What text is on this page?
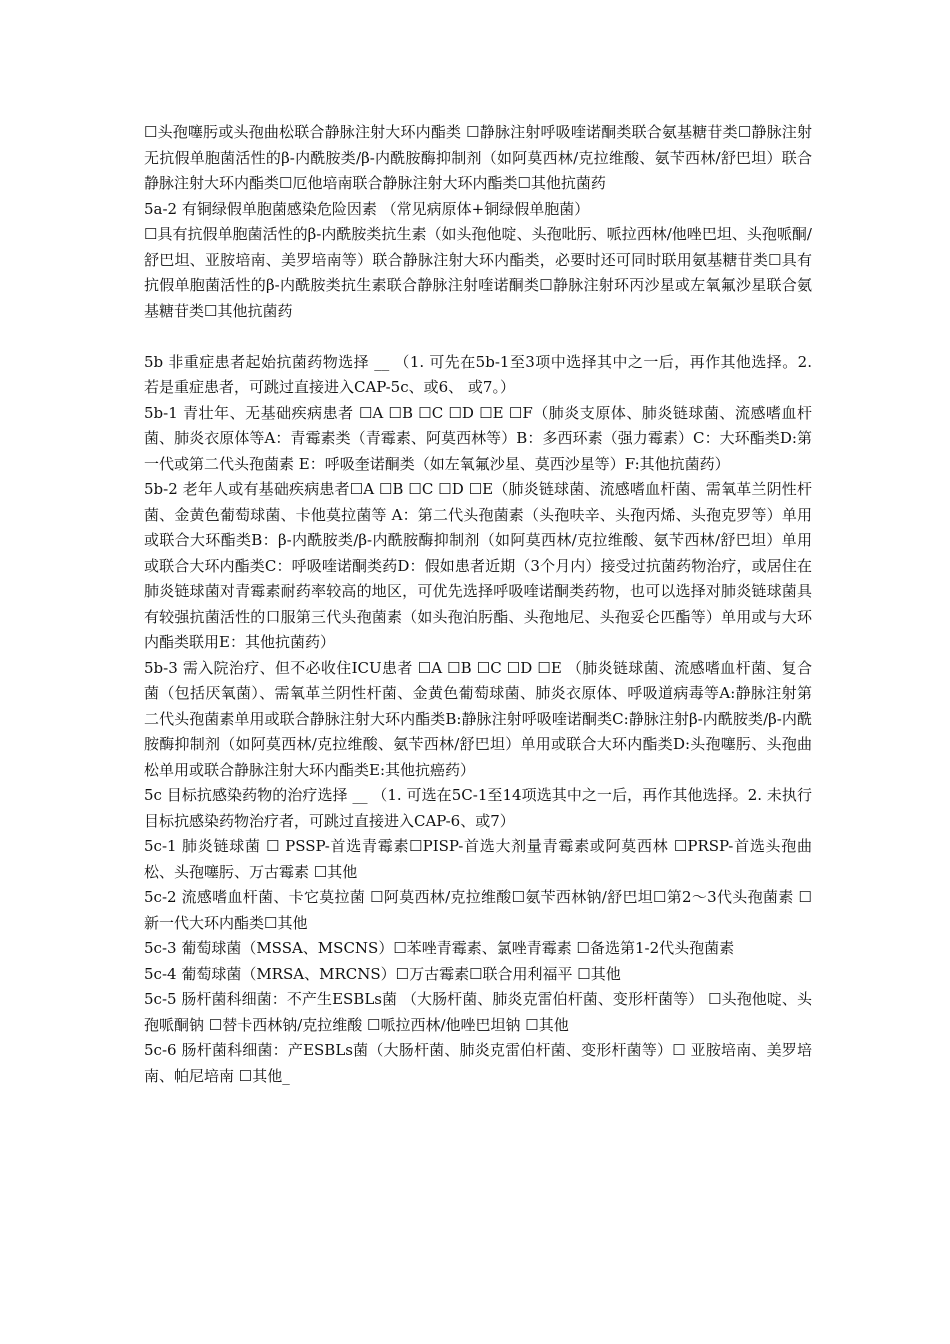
☐头孢噻肟或头孢曲松联合静脉注射大环内酯类 ☐静脉注射呼吸喹诺酮类联合氨基糖苷类☐静脉注射无抗假单胞菌活性的β-内酰胺类/β-内酰胺酶抑制剂（如阿莫西林/克拉维酸、氨苄西林/舒巴坦）联合静脉注射大环内酯类☐厄他培南联合静脉注射大环内酯类☐其他抗菌药

5a-2 有铜绿假单胞菌感染危险因素 （常见病原体+铜绿假单胞菌）

☐具有抗假单胞菌活性的β-内酰胺类抗生素（如头孢他啶、头孢吡肟、哌拉西林/他唑巴坦、头孢哌酮/舒巴坦、亚胺培南、美罗培南等）联合静脉注射大环内酯类，必要时还可同时联用氨基糖苷类☐具有抗假单胞菌活性的β-内酰胺类抗生素联合静脉注射喹诺酮类☐静脉注射环丙沙星或左氧氟沙星联合氨基糖苷类☐其他抗菌药

5b 非重症患者起始抗菌药物选择 __ （1. 可先在5b-1至3项中选择其中之一后，再作其他选择。2. 若是重症患者，可跳过直接进入CAP-5c、或6、 或7。）

5b-1 青壮年、无基础疾病患者 ☐A ☐B ☐C ☐D ☐E ☐F（肺炎支原体、肺炎链球菌、流感嗜血杆菌、肺炎衣原体等A：青霉素类（青霉素、阿莫西林等）B：多西环素（强力霉素）C：大环酯类D:第一代或第二代头孢菌素 E：呼吸奎诺酮类（如左氧氟沙星、莫西沙星等）F:其他抗菌药）

5b-2 老年人或有基础疾病患者☐A ☐B ☐C ☐D ☐E（肺炎链球菌、流感嗜血杆菌、需氧革兰阴性杆菌、金黄色葡萄球菌、卡他莫拉菌等 A：第二代头孢菌素（头孢呋辛、头孢丙烯、头孢克罗等）单用或联合大环酯类B：β-内酰胺类/β-内酰胺酶抑制剂（如阿莫西林/克拉维酸、氨苄西林/舒巴坦）单用或联合大环内酯类C：呼吸喹诺酮类药D：假如患者近期（3个月内）接受过抗菌药物治疗，或居住在肺炎链球菌对青霉素耐药率较高的地区，可优先选择呼吸喹诺酮类药物，也可以选择对肺炎链球菌具有较强抗菌活性的口服第三代头孢菌素（如头孢泊肟酯、头孢地尼、头孢妥仑匹酯等）单用或与大环内酯类联用E：其他抗菌药）

5b-3 需入院治疗、但不必收住ICU患者 ☐A ☐B ☐C ☐D ☐E （肺炎链球菌、流感嗜血杆菌、复合菌（包括厌氧菌）、需氧革兰阴性杆菌、金黄色葡萄球菌、肺炎衣原体、呼吸道病毒等A:静脉注射第二代头孢菌素单用或联合静脉注射大环内酯类B:静脉注射呼吸喹诺酮类C:静脉注射β-内酰胺类/β-内酰胺酶抑制剂（如阿莫西林/克拉维酸、氨苄西林/舒巴坦）单用或联合大环内酯类D:头孢噻肟、头孢曲松单用或联合静脉注射大环内酯类E:其他抗癌药）

5c 目标抗感染药物的治疗选择 __ （1. 可选在5C-1至14项选其中之一后，再作其他选择。2. 未执行目标抗感染药物治疗者，可跳过直接进入CAP-6、或7）

5c-1 肺炎链球菌 ☐ PSSP-首选青霉素☐PISP-首选大剂量青霉素或阿莫西林 ☐PRSP-首选头孢曲松、头孢噻肟、万古霉素 ☐其他

5c-2 流感嗜血杆菌、卡它莫拉菌 ☐阿莫西林/克拉维酸☐氨苄西林钠/舒巴坦☐第2～3代头孢菌素 ☐新一代大环内酯类☐其他

5c-3 葡萄球菌（MSSA、MSCNS）☐苯唑青霉素、氯唑青霉素 ☐备选第1-2代头孢菌素

5c-4 葡萄球菌（MRSA、MRCNS）☐万古霉素☐联合用利福平 ☐其他

5c-5 肠杆菌科细菌：不产生ESBLs菌 （大肠杆菌、肺炎克雷伯杆菌、变形杆菌等） ☐头孢他啶、头孢哌酮钠 ☐替卡西林钠/克拉维酸 ☐哌拉西林/他唑巴坦钠 ☐其他

5c-6 肠杆菌科细菌：产ESBLs菌（大肠杆菌、肺炎克雷伯杆菌、变形杆菌等）☐ 亚胺培南、美罗培南、帕尼培南 ☐其他_
